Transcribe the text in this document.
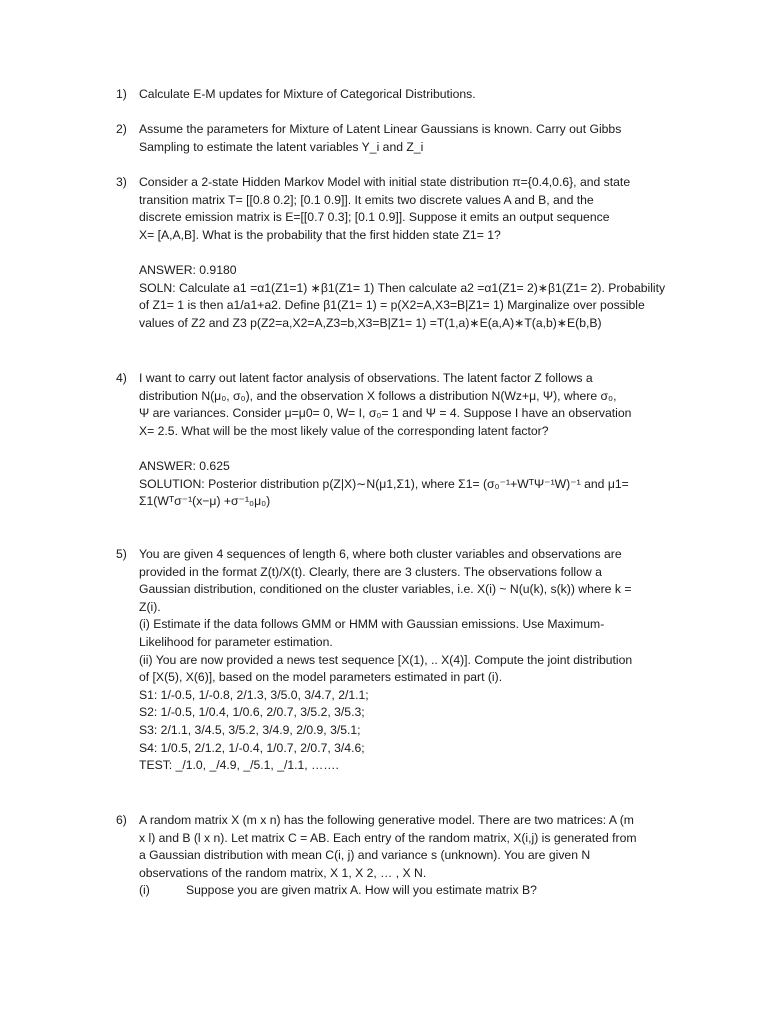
1) Calculate E-M updates for Mixture of Categorical Distributions.
2) Assume the parameters for Mixture of Latent Linear Gaussians is known. Carry out Gibbs
Sampling to estimate the latent variables Y_i and Z_i
3) Consider a 2-state Hidden Markov Model with initial state distribution π={0.4,0.6}, and state
transition matrix T= [[0.8 0.2]; [0.1 0.9]]. It emits two discrete values A and B, and the
discrete emission matrix is E=[[0.7 0.3]; [0.1 0.9]]. Suppose it emits an output sequence
X= [A,A,B]. What is the probability that the first hidden state Z1= 1?
ANSWER: 0.9180
SOLN: Calculate a1 =α1(Z1=1) ∗β1(Z1= 1) Then calculate a2 =α1(Z1= 2)∗β1(Z1= 2). Probability
of Z1= 1 is then a1/a1+a2. Define β1(Z1= 1) = p(X2=A,X3=B|Z1= 1) Marginalize over possible
values of Z2 and Z3 p(Z2=a,X2=A,Z3=b,X3=B|Z1= 1) =T(1,a)∗E(a,A)∗T(a,b)∗E(b,B)
4) I want to carry out latent factor analysis of observations. The latent factor Z follows a
distribution N(μ₀, σ₀), and the observation X follows a distribution N(Wz+μ, Ψ), where σ₀,
Ψ are variances. Consider μ=μ0= 0, W= I, σ₀= 1 and Ψ = 4. Suppose I have an observation
X= 2.5. What will be the most likely value of the corresponding latent factor?
ANSWER: 0.625
SOLUTION: Posterior distribution p(Z|X)∼N(μ1,Σ1), where Σ1= (σ₀⁻¹+WᵀΨ⁻¹W)⁻¹ and μ1=
Σ1(Wᵀσ⁻¹(x−μ) +σ⁻¹₀μ₀)
5) You are given 4 sequences of length 6, where both cluster variables and observations are
provided in the format Z(t)/X(t). Clearly, there are 3 clusters. The observations follow a
Gaussian distribution, conditioned on the cluster variables, i.e. X(i) ~ N(u(k), s(k)) where k =
Z(i).
(i) Estimate if the data follows GMM or HMM with Gaussian emissions. Use Maximum-
Likelihood for parameter estimation.
(ii) You are now provided a news test sequence [X(1), .. X(4)]. Compute the joint distribution
of [X(5), X(6)], based on the model parameters estimated in part (i).
S1: 1/-0.5, 1/-0.8, 2/1.3, 3/5.0, 3/4.7, 2/1.1;
S2: 1/-0.5, 1/0.4, 1/0.6, 2/0.7, 3/5.2, 3/5.3;
S3: 2/1.1, 3/4.5, 3/5.2, 3/4.9, 2/0.9, 3/5.1;
S4: 1/0.5, 2/1.2, 1/-0.4, 1/0.7, 2/0.7, 3/4.6;
TEST: _/1.0, _/4.9, _/5.1, _/1.1, …….
6) A random matrix X (m x n) has the following generative model. There are two matrices: A (m
x l) and B (l x n). Let matrix C = AB. Each entry of the random matrix, X(i,j) is generated from
a Gaussian distribution with mean C(i, j) and variance s (unknown). You are given N
observations of the random matrix, X 1, X 2, … , X N.
(i)	Suppose you are given matrix A. How will you estimate matrix B?
